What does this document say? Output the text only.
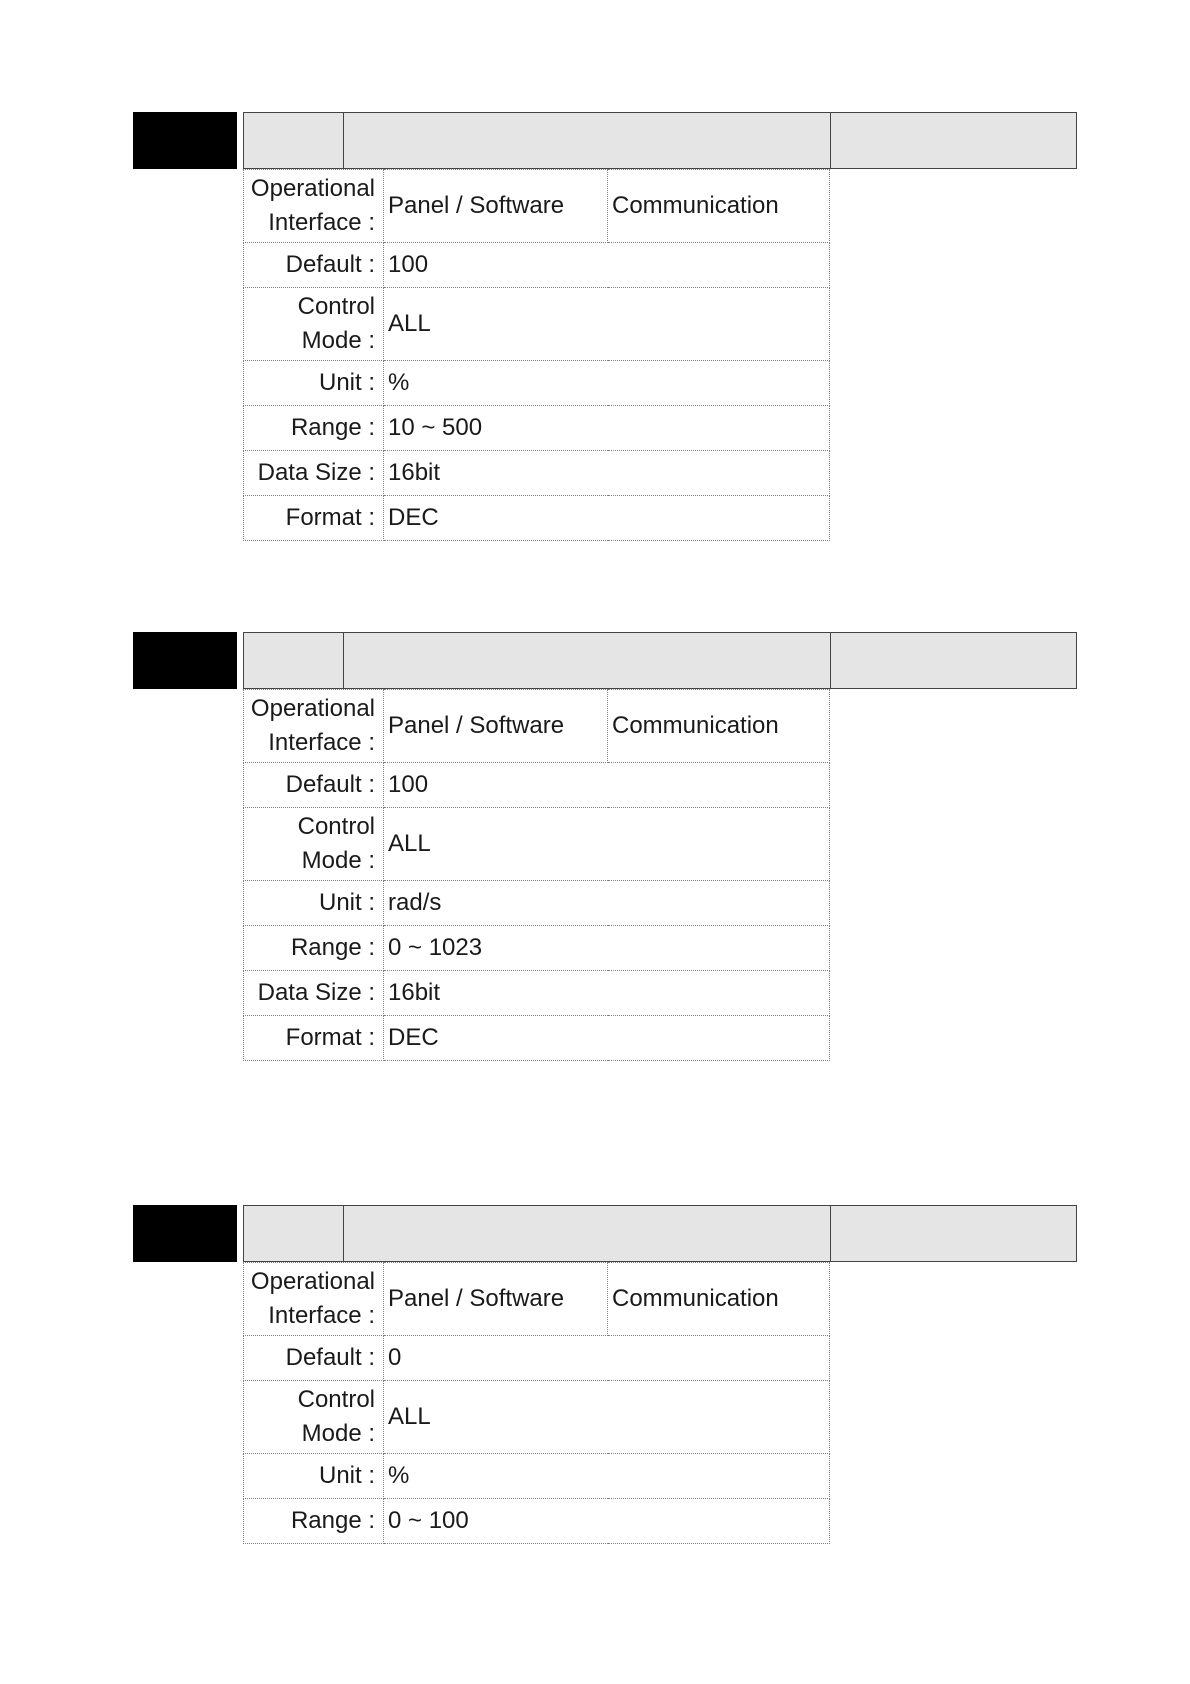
Operational
Interface :	Panel / Software	Communication
Default :	100	

Control
Mode :	ALL	
Unit :	%	
Range :	10 ~ 500	
Data Size :	16bit	
Format :	DEC	
Operational
Interface :	Panel / Software	Communication
Default :	100	

Control
Mode :	ALL	
Unit :	rad/s	
Range :	0 ~ 1023	
Data Size :	16bit	
Format :	DEC	
Operational
Interface :	Panel / Software	Communication
Default :	0	

Control
Mode :	ALL	
Unit :	%	
Range :	0 ~ 100	
